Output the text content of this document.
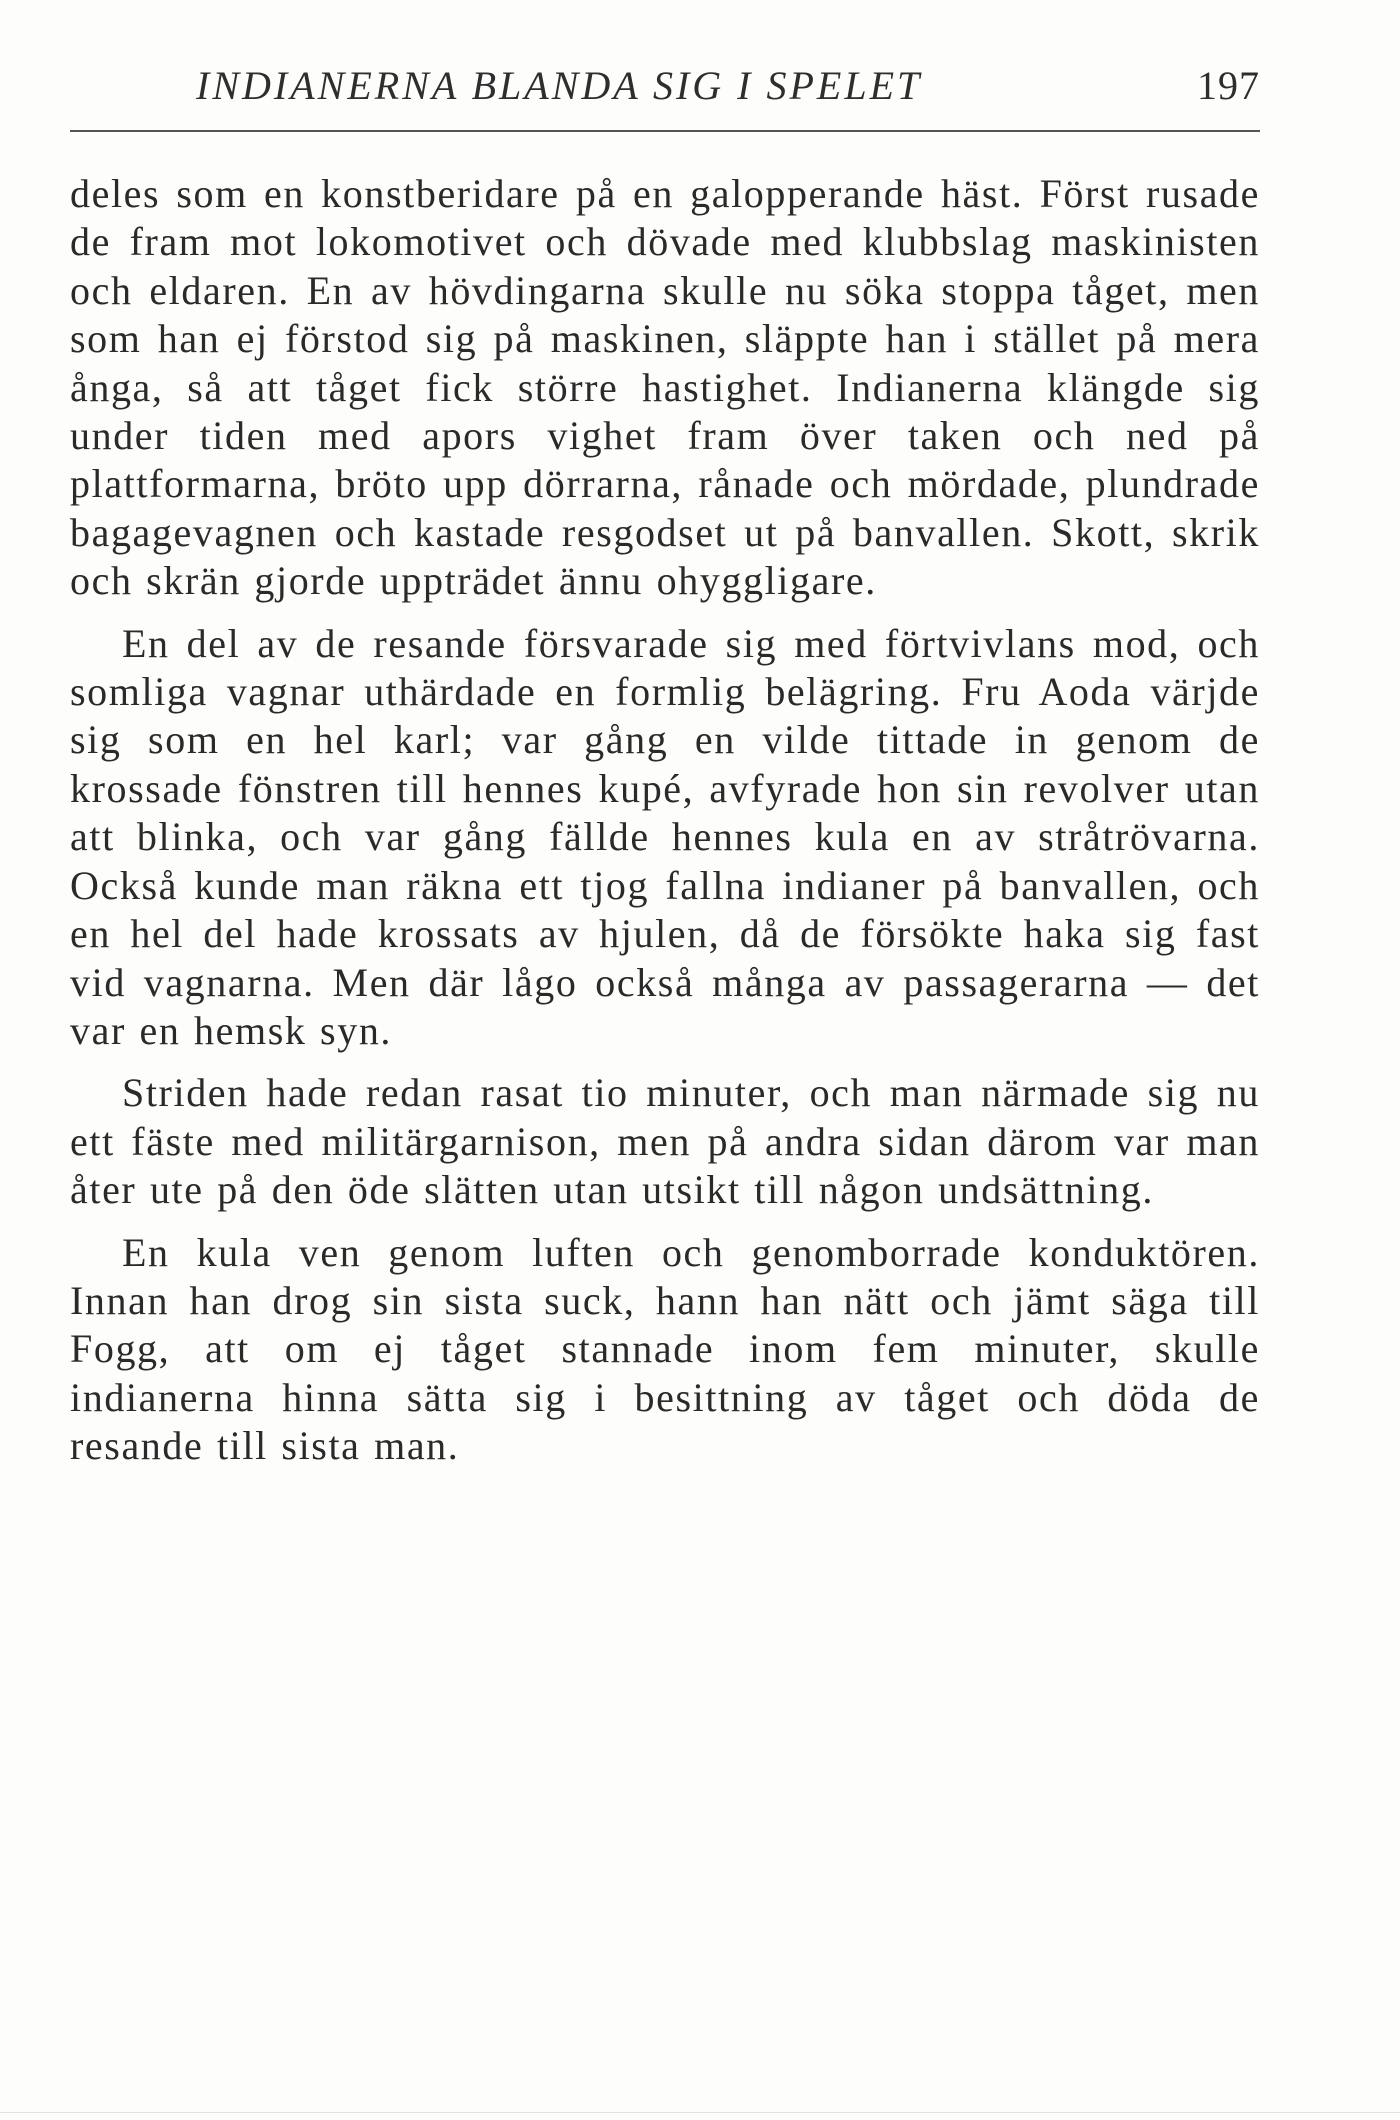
INDIANERNA BLANDA SIG I SPELET	197

deles som en konstberidare på en galopperande häst. Först rusade de fram mot lokomotivet och dövade med klubbslag maskinisten och eldaren. En av hövdingarna skulle nu söka stoppa tåget, men som han ej förstod sig på maskinen, släppte han i stället på mera ånga, så att tåget fick större hastighet. Indianerna klängde sig under tiden med apors vighet fram över taken och ned på plattformarna, bröto upp dörrarna, rånade och mördade, plundrade bagagevagnen och kastade resgodset ut på banvallen. Skott, skrik och skrän gjorde uppträdet ännu ohyggligare.

En del av de resande försvarade sig med förtvivlans mod, och somliga vagnar uthärdade en formlig belägring. Fru Aoda värjde sig som en hel karl; var gång en vilde tittade in genom de krossade fönstren till hennes kupé, avfyrade hon sin revolver utan att blinka, och var gång fällde hennes kula en av stråtrövarna. Också kunde man räkna ett tjog fallna indianer på banvallen, och en hel del hade krossats av hjulen, då de försökte haka sig fast vid vagnarna. Men där lågo också många av passagerarna — det var en hemsk syn.

Striden hade redan rasat tio minuter, och man närmade sig nu ett fäste med militärgarnison, men på andra sidan därom var man åter ute på den öde slätten utan utsikt till någon undsättning.

En kula ven genom luften och genomborrade konduktören. Innan han drog sin sista suck, hann han nätt och jämt säga till Fogg, att om ej tåget stannade inom fem minuter, skulle indianerna hinna sätta sig i besittning av tåget och döda de resande till sista man.
